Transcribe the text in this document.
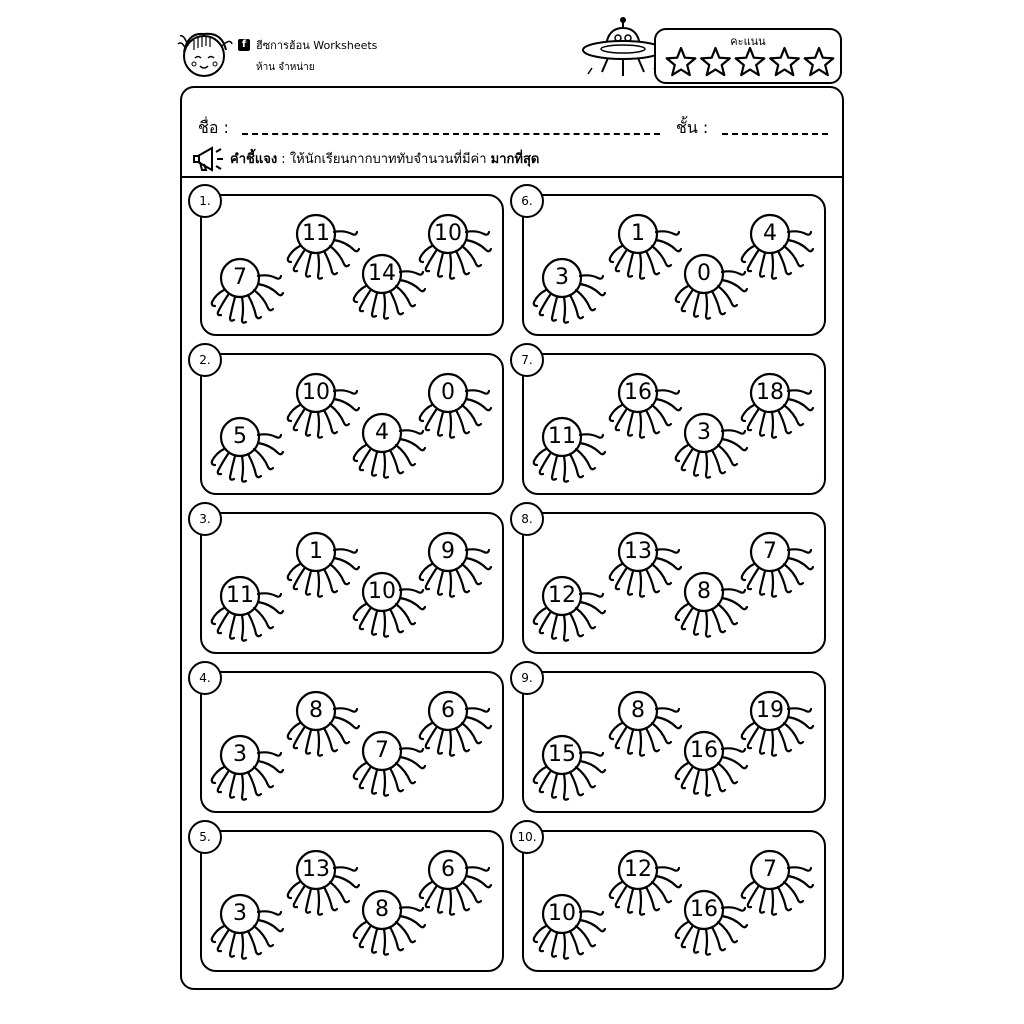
f ฮีซการฮ้อน Worksheets
ห้าน จำหน่าย
คะแนน
ชื่อ :	ชั้น :
คำชี้แจง : ให้นักเรียนกากบาททับจำนวนที่มีค่า มากที่สุด
7
11
14
10
1.
5
10
4
0
2.
11
1
10
9
3.
3
8
7
6
4.
3
13
8
6
5.
3
1
0
4
6.
11
16
3
18
7.
12
13
8
7
8.
15
8
16
19
9.
10
12
16
7
10.
